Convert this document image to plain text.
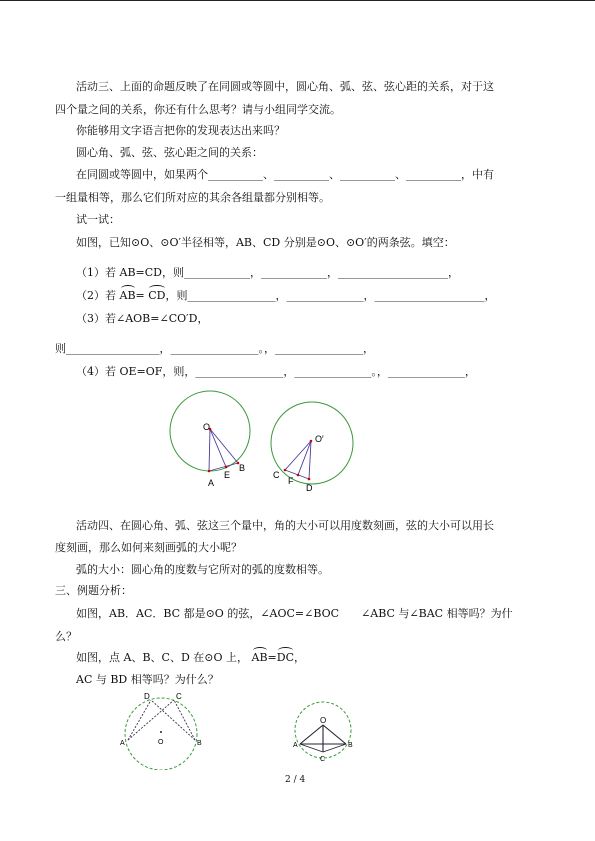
活动三、上面的命题反映了在同圆或等圆中，圆心角、弧、弦、弦心距的关系，对于这
四个量之间的关系，你还有什么思考？请与小组同学交流。
你能够用文字语言把你的发现表达出来吗？
圆心角、弧、弦、弦心距之间的关系：
在同圆或等圆中，如果两个__________、__________、__________、__________，中有
一组量相等，那么它们所对应的其余各组量都分别相等。
试一试：
如图，已知⊙O、⊙O′半径相等，AB、CD 分别是⊙O、⊙O′的两条弦。填空：
（1）若 AB=CD，则____________，____________，____________________，
（2）若 AB= CD，则________________，______________，____________________，
（3）若∠AOB=∠CO′D，
则_________________，________________。，________________，
（4）若 OE=OF，则，________________，______________。，______________，
O
A
E
B
O′
C
F
D
活动四、在圆心角、弧、弦这三个量中，角的大小可以用度数刻画，弦的大小可以用长
度刻画，那么如何来刻画弧的大小呢？
弧的大小：圆心角的度数与它所对的弧的度数相等。
三、例题分析：
如图，AB．AC．BC 都是⊙O 的弦，∠AOC=∠BOC　　∠ABC 与∠BAC 相等吗？为什
么？
如图，点 A、B、C、D 在⊙O 上， AB=DC，
AC 与 BD 相等吗？为什么？
D	C
A	O	B
O
A
C
B
2 / 4
